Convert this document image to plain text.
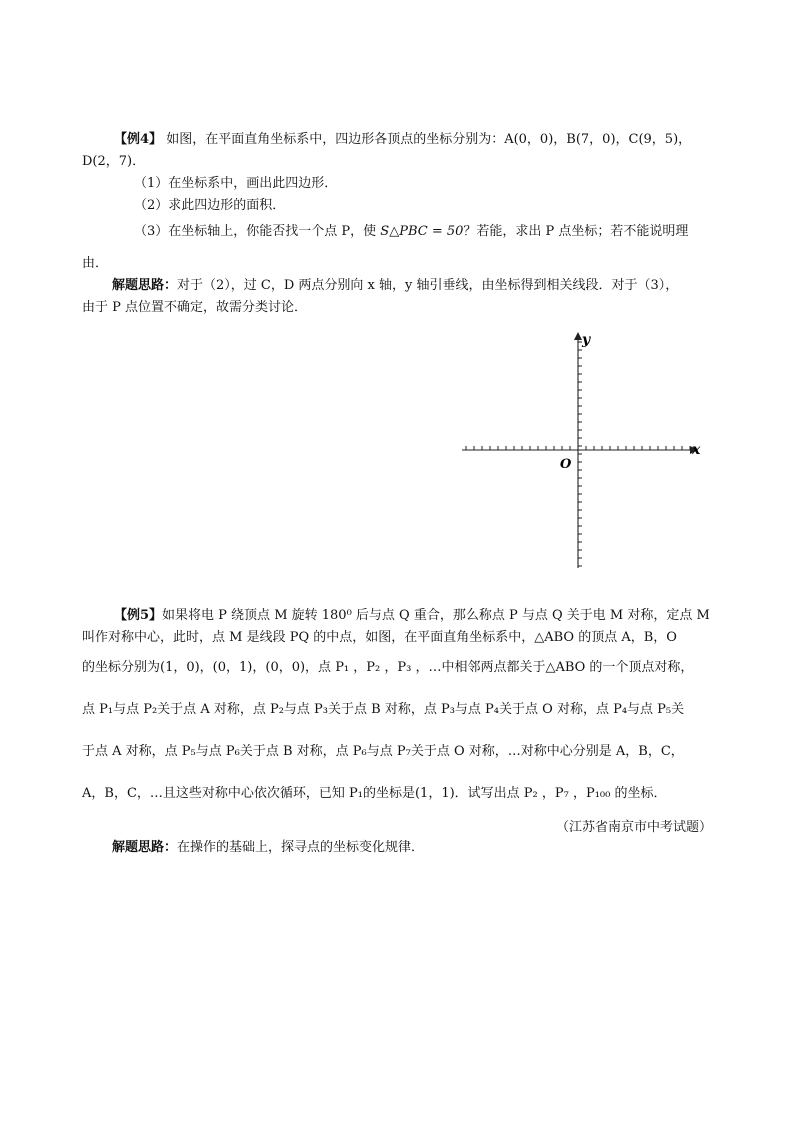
【例4】 如图，在平面直角坐标系中，四边形各顶点的坐标分别为：A(0，0)，B(7，0)，C(9，5)，
D(2，7)．
（1）在坐标系中，画出此四边形．
（2）求此四边形的面积．
（3）在坐标轴上，你能否找一个点 P，使 S△PBC = 50？若能，求出 P 点坐标；若不能说明理
由．
解题思路：对于（2），过 C，D 两点分别向 x 轴，y 轴引垂线，由坐标得到相关线段．对于（3），
由于 P 点位置不确定，故需分类讨论．
x
y
O
【例5】如果将电 P 绕顶点 M 旋转 180⁰ 后与点 Q 重合，那么称点 P 与点 Q 关于电 M 对称，定点 M
叫作对称中心，此时，点 M 是线段 PQ 的中点，如图，在平面直角坐标系中，△ABO 的顶点 A，B，O
的坐标分别为(1，0)，(0，1)，(0，0)，点 P₁ ，P₂ ，P₃ ，…中相邻两点都关于△ABO 的一个顶点对称，
点 P₁与点 P₂关于点 A 对称，点 P₂与点 P₃关于点 B 对称，点 P₃与点 P₄关于点 O 对称，点 P₄与点 P₅关
于点 A 对称，点 P₅与点 P₆关于点 B 对称，点 P₆与点 P₇关于点 O 对称，…对称中心分别是 A，B，C，
A，B，C，…且这些对称中心依次循环，已知 P₁的坐标是(1，1)．试写出点 P₂ ，P₇ ，P₁₀₀ 的坐标．
（江苏省南京市中考试题）
解题思路：在操作的基础上，探寻点的坐标变化规律．
